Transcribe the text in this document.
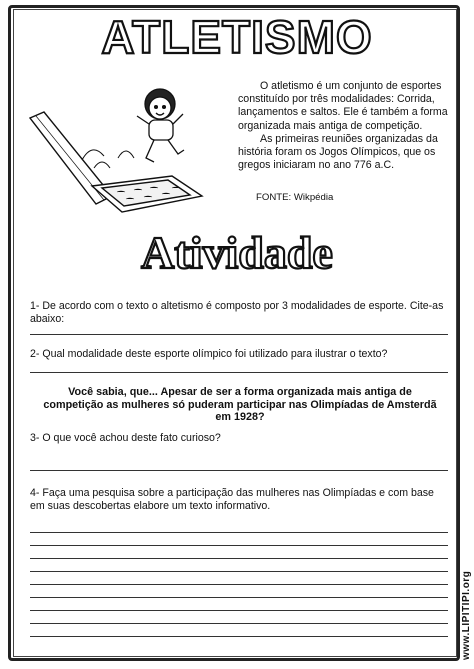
ATLETISMO

O atletismo é um conjunto de esportes constituído por três modalidades: Corrida, lançamentos e saltos. Ele é também a forma organizada mais antiga de competição.

As primeiras reuniões organizadas da história foram os Jogos Olímpicos, que os gregos iniciaram no ano 776 a.C.

FONTE: Wikpédia
Atividade
1- De acordo com o texto o altetismo é composto por 3 modalidades de esporte. Cite-as abaixo:
2- Qual modalidade deste esporte olímpico foi utilizado para ilustrar o texto?
Você sabia, que... Apesar de ser a forma organizada mais antiga de competição as mulheres só puderam participar nas Olimpíadas de Amsterdã em 1928?
3- O que você achou deste fato curioso?
4- Faça uma pesquisa sobre a participação das mulheres nas Olimpíadas e com base em suas descobertas elabore um texto informativo.
www.LIPITIPI.org
